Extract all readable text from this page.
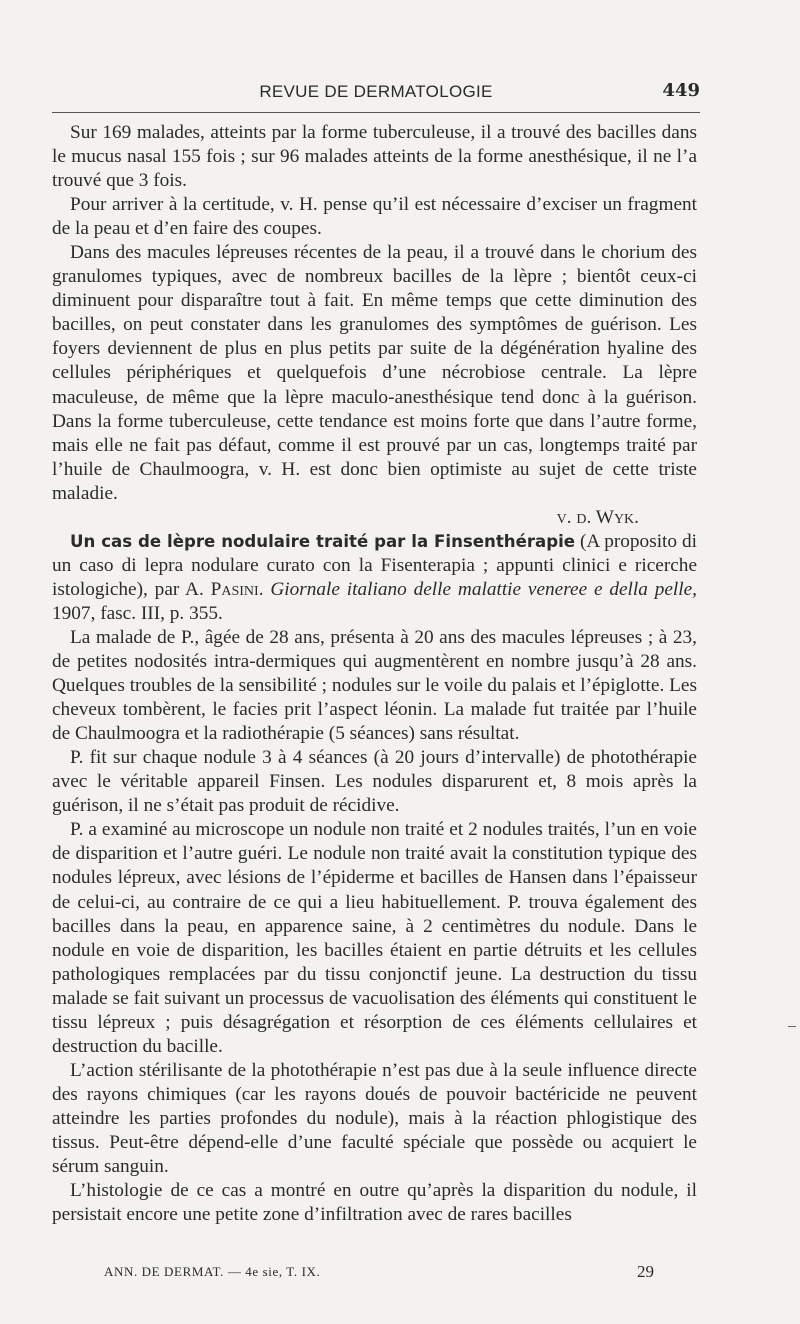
REVUE DE DERMATOLOGIE	449

Sur 169 malades, atteints par la forme tuberculeuse, il a trouvé des bacilles dans le mucus nasal 155 fois ; sur 96 malades atteints de la forme anesthésique, il ne l’a trouvé que 3 fois.

Pour arriver à la certitude, v. H. pense qu’il est nécessaire d’exciser un fragment de la peau et d’en faire des coupes.

Dans des macules lépreuses récentes de la peau, il a trouvé dans le chorium des granulomes typiques, avec de nombreux bacilles de la lèpre ; bientôt ceux-ci diminuent pour disparaître tout à fait. En même temps que cette diminution des bacilles, on peut constater dans les granulomes des symptômes de guérison. Les foyers deviennent de plus en plus petits par suite de la dégénération hyaline des cellules périphériques et quelquefois d’une nécrobiose centrale. La lèpre maculeuse, de même que la lèpre maculo-anesthésique tend donc à la guérison. Dans la forme tuberculeuse, cette tendance est moins forte que dans l’autre forme, mais elle ne fait pas défaut, comme il est prouvé par un cas, longtemps traité par l’huile de Chaulmoogra, v. H. est donc bien optimiste au sujet de cette triste maladie.

v. d. Wyk.

Un cas de lèpre nodulaire traité par la Finsenthérapie (A proposito di un caso di lepra nodulare curato con la Fisenterapia ; appunti clinici e ricerche istologiche), par A. Pasini. Giornale italiano delle malattie veneree e della pelle, 1907, fasc. III, p. 355.

La malade de P., âgée de 28 ans, présenta à 20 ans des macules lépreuses ; à 23, de petites nodosités intra-dermiques qui augmentèrent en nombre jusqu’à 28 ans. Quelques troubles de la sensibilité ; nodules sur le voile du palais et l’épiglotte. Les cheveux tombèrent, le facies prit l’aspect léonin. La malade fut traitée par l’huile de Chaulmoogra et la radiothérapie (5 séances) sans résultat.

P. fit sur chaque nodule 3 à 4 séances (à 20 jours d’intervalle) de photothérapie avec le véritable appareil Finsen. Les nodules disparurent et, 8 mois après la guérison, il ne s’était pas produit de récidive.

P. a examiné au microscope un nodule non traité et 2 nodules traités, l’un en voie de disparition et l’autre guéri. Le nodule non traité avait la constitution typique des nodules lépreux, avec lésions de l’épiderme et bacilles de Hansen dans l’épaisseur de celui-ci, au contraire de ce qui a lieu habituellement. P. trouva également des bacilles dans la peau, en apparence saine, à 2 centimètres du nodule. Dans le nodule en voie de disparition, les bacilles étaient en partie détruits et les cellules pathologiques remplacées par du tissu conjonctif jeune. La destruction du tissu malade se fait suivant un processus de vacuolisation des éléments qui constituent le tissu lépreux ; puis désagrégation et résorption de ces éléments cellulaires et destruction du bacille.

L’action stérilisante de la photothérapie n’est pas due à la seule influence directe des rayons chimiques (car les rayons doués de pouvoir bactéricide ne peuvent atteindre les parties profondes du nodule), mais à la réaction phlogistique des tissus. Peut-être dépend-elle d’une faculté spéciale que possède ou acquiert le sérum sanguin.

L’histologie de ce cas a montré en outre qu’après la disparition du nodule, il persistait encore une petite zone d’infiltration avec de rares bacilles

ANN. DE DERMAT. — 4e sie, T. IX.	29
